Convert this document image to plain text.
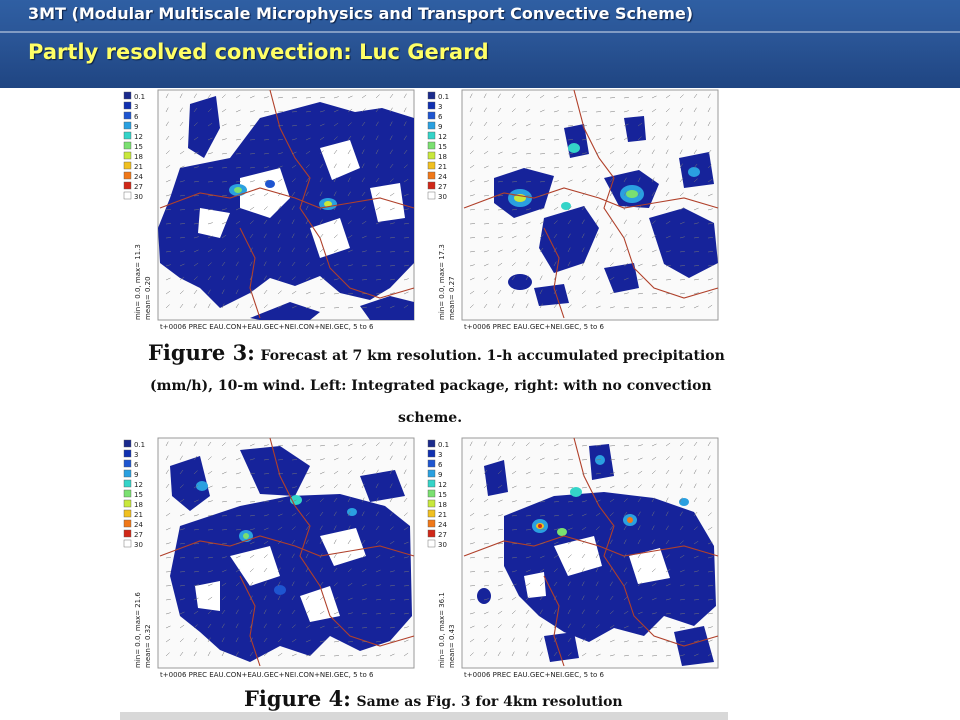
3MT (Modular Multiscale Microphysics and Transport Convective Scheme)
Partly resolved convection: Luc Gerard
0.1
3
6
9
12
15
18
21
24
27
30
min= 0.0, max= 11.3 mean= 0.20
t+0006 PREC EAU.CON+EAU.GEC+NEI.CON+NEI.GEC, 5 to 6
0.1
3
6
9
12
15
18
21
24
27
30
min= 0.0, max= 17.3 mean= 0.27
t+0006 PREC EAU.GEC+NEI.GEC, 5 to 6
Figure 3: Forecast at 7 km resolution. 1-h accumulated precipitation
(mm/h), 10-m wind. Left: Integrated package, right: with no convection
scheme.
0.1
3
6
9
12
15
18
21
24
27
30
min= 0.0, max= 21.6 mean= 0.32
t+0006 PREC EAU.CON+EAU.GEC+NEI.CON+NEI.GEC, 5 to 6
0.1
3
6
9
12
15
18
21
24
27
30
min= 0.0, max= 36.1 mean= 0.43
t+0006 PREC EAU.GEC+NEI.GEC, 5 to 6
Figure 4: Same as Fig. 3 for 4km resolution
